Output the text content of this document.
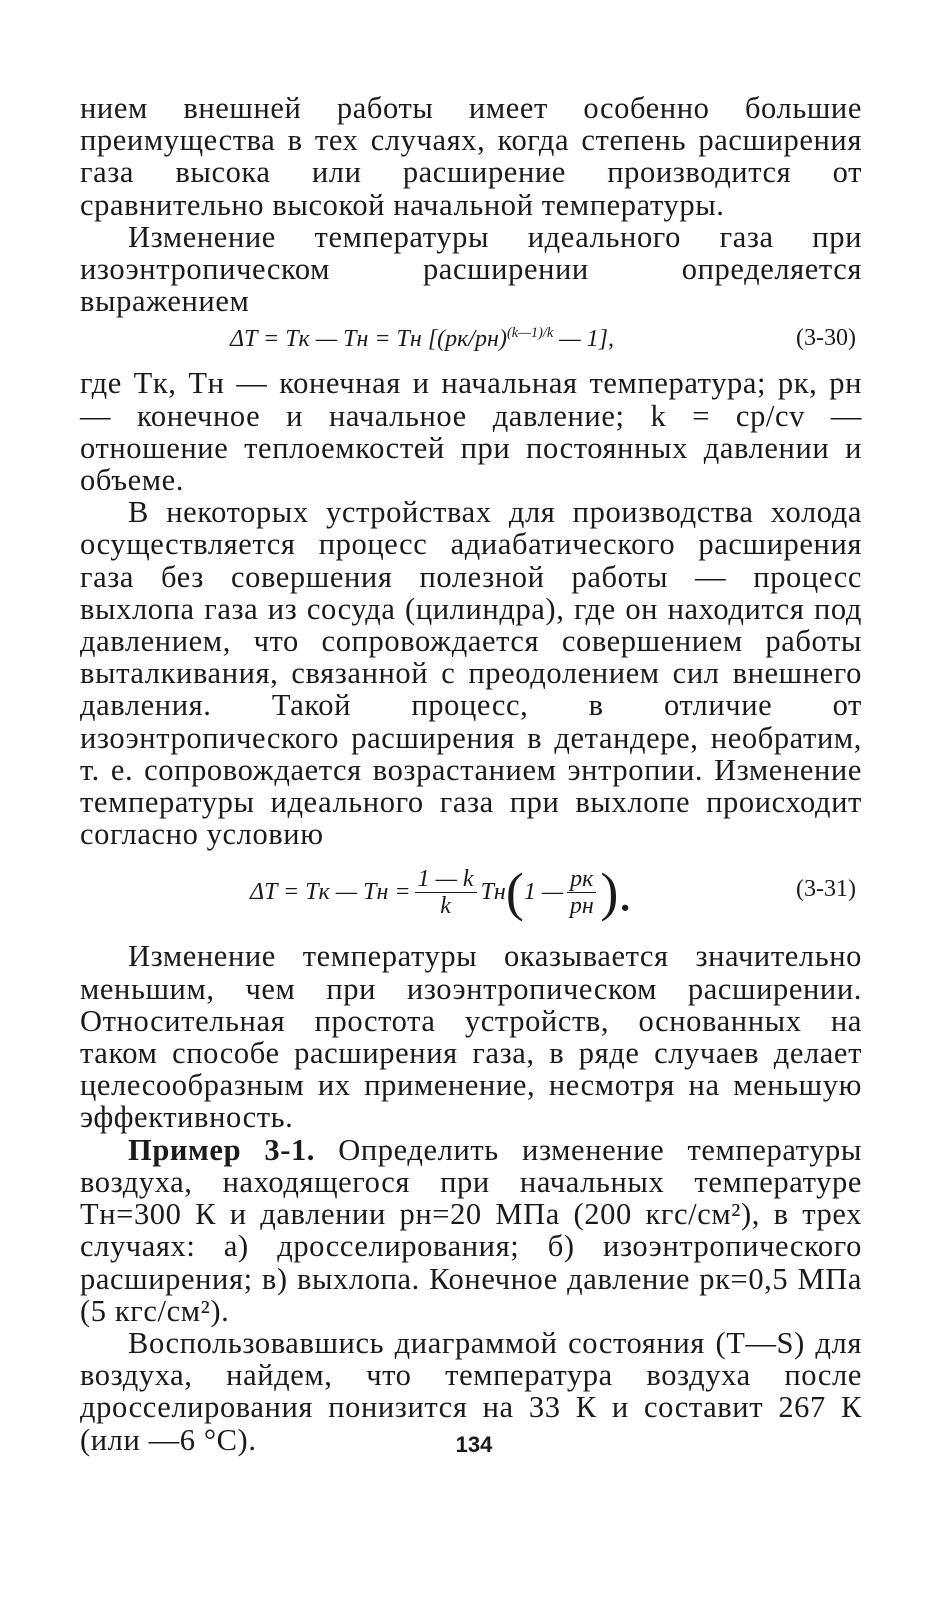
нием внешней работы имеет особенно большие преимущества в тех случаях, когда степень расширения газа высока или расширение производится от сравнительно высокой начальной температуры.

Изменение температуры идеального газа при изоэнтропическом расширении определяется выражением

ΔT = Tк — Tн = Tн [$(pк/pн)^{(k—1)/k}$ — 1],	(3-30)

где Tк, Tн — конечная и начальная температура; pк, pн — конечное и начальное давление; k = cp/cv — отношение теплоемкостей при постоянных давлении и объеме.

В некоторых устройствах для производства холода осуществляется процесс адиабатического расширения газа без совершения полезной работы — процесс выхлопа газа из сосуда (цилиндра), где он находится под давлением, что сопровождается совершением работы выталкивания, связанной с преодолением сил внешнего давления. Такой процесс, в отличие от изоэнтропического расширения в детандере, необратим, т. е. сопровождается возрастанием энтропии. Изменение температуры идеального газа при выхлопе происходит согласно условию

ΔT = Tк — Tн = $\frac{1 — k}{k}$ Tн ( 1 — $\frac{pк}{pн}$ ).	(3-31)

Изменение температуры оказывается значительно меньшим, чем при изоэнтропическом расширении. Относительная простота устройств, основанных на таком способе расширения газа, в ряде случаев делает целесообразным их применение, несмотря на меньшую эффективность.

Пример 3-1. Определить изменение температуры воздуха, находящегося при начальных температуре Tн=300 К и давлении pн=20 МПа (200 кгс/см²), в трех случаях: а) дросселирования; б) изоэнтропического расширения; в) выхлопа. Конечное давление pк=0,5 МПа (5 кгс/см²).

Воспользовавшись диаграммой состояния (T—S) для воздуха, найдем, что температура воздуха после дросселирования понизится на 33 К и составит 267 К (или —6 °С).	134
